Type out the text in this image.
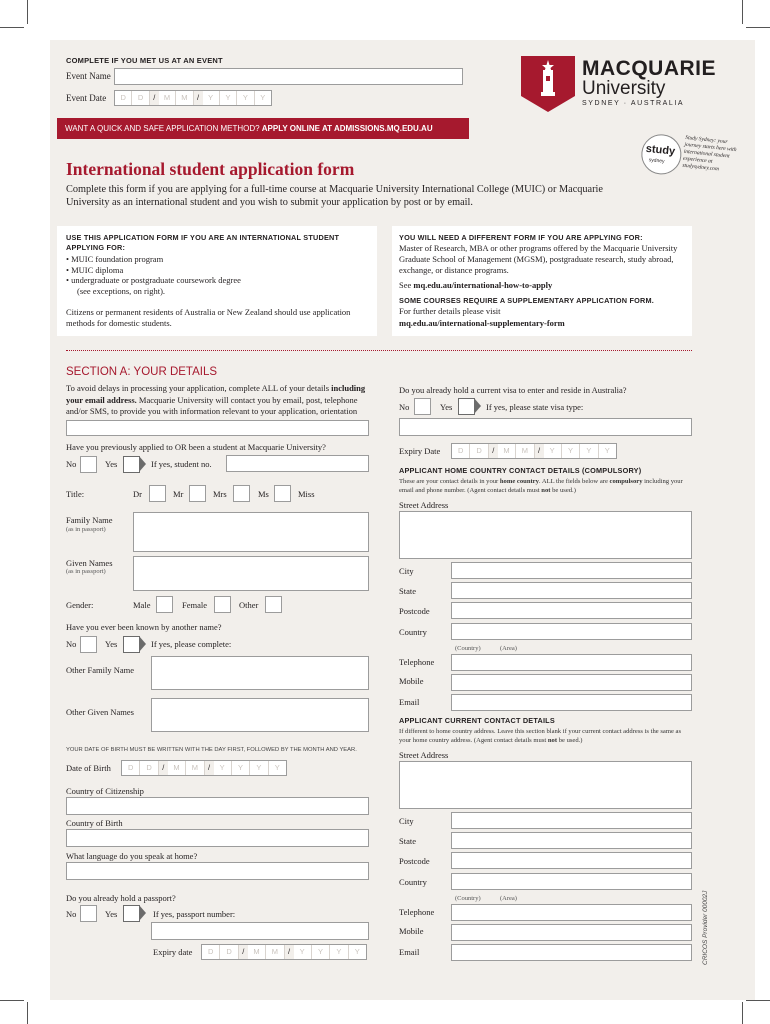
COMPLETE IF YOU MET US AT AN EVENT
Event Name
Event Date	D	D	/	M	M	/	Y	Y	Y	Y
MACQUARIE
University
SYDNEY · AUSTRALIA
WANT A QUICK AND SAFE APPLICATION METHOD? APPLY ONLINE AT ADMISSIONS.MQ.EDU.AU
study
sydney
Study Sydney: your journey starts here with international student experience at studysydney.com
International student application form
Complete this form if you are applying for a full-time course at Macquarie University International College (MUIC) or Macquarie University as an international student and you wish to submit your application by post or by email.
USE THIS APPLICATION FORM IF YOU ARE AN INTERNATIONAL STUDENT APPLYING FOR:
• MUIC foundation program
• MUIC diploma
• undergraduate or postgraduate coursework degree
(see exceptions, on right).
Citizens or permanent residents of Australia or New Zealand should use application methods for domestic students.
YOU WILL NEED A DIFFERENT FORM IF YOU ARE APPLYING FOR:
Master of Research, MBA or other programs offered by the Macquarie University Graduate School of Management (MGSM), postgraduate research, study abroad, exchange, or distance programs.
See mq.edu.au/international-how-to-apply
SOME COURSES REQUIRE A SUPPLEMENTARY APPLICATION FORM.
For further details please visit
mq.edu.au/international-supplementary-form
SECTION A: YOUR DETAILS
To avoid delays in processing your application, complete ALL of your details including your email address. Macquarie University will contact you by email, post, telephone and/or SMS, to provide you with information relevant to your application, orientation
Have you previously applied to OR been a student at Macquarie University?
No	Yes	If yes, student no.
Title:	Dr	Mr	Mrs	Ms	Miss
Family Name
(as in passport)
Given Names
(as in passport)
Gender:	Male	Female	Other
Have you ever been known by another name?
No	Yes	If yes, please complete:
Other Family Name
Other Given Names
YOUR DATE OF BIRTH MUST BE WRITTEN WITH THE DAY FIRST, FOLLOWED BY THE MONTH AND YEAR.
Date of Birth	D	D	/	M	M	/	Y	Y	Y	Y
Country of Citizenship
Country of Birth
What language do you speak at home?
Do you already hold a passport?
No	Yes	If yes, passport number:
Expiry date	D	D	/	M	M	/	Y	Y	Y	Y
Do you already hold a current visa to enter and reside in Australia?
No	Yes	If yes, please state visa type:
Expiry Date	D	D	/	M	M	/	Y	Y	Y	Y
APPLICANT HOME COUNTRY CONTACT DETAILS (COMPULSORY)
These are your contact details in your home country. ALL the fields below are compulsory including your email and phone number. (Agent contact details must not be used.)
Street Address
City
State
Postcode
Country
(Country)	(Area)
Telephone
Mobile
Email
APPLICANT CURRENT CONTACT DETAILS
If different to home country address. Leave this section blank if your current contact address is the same as your home country address. (Agent contact details must not be used.)
Street Address
City
State
Postcode
Country
(Country)	(Area)
Telephone
Mobile
Email	CRICOS Provider 00002J
